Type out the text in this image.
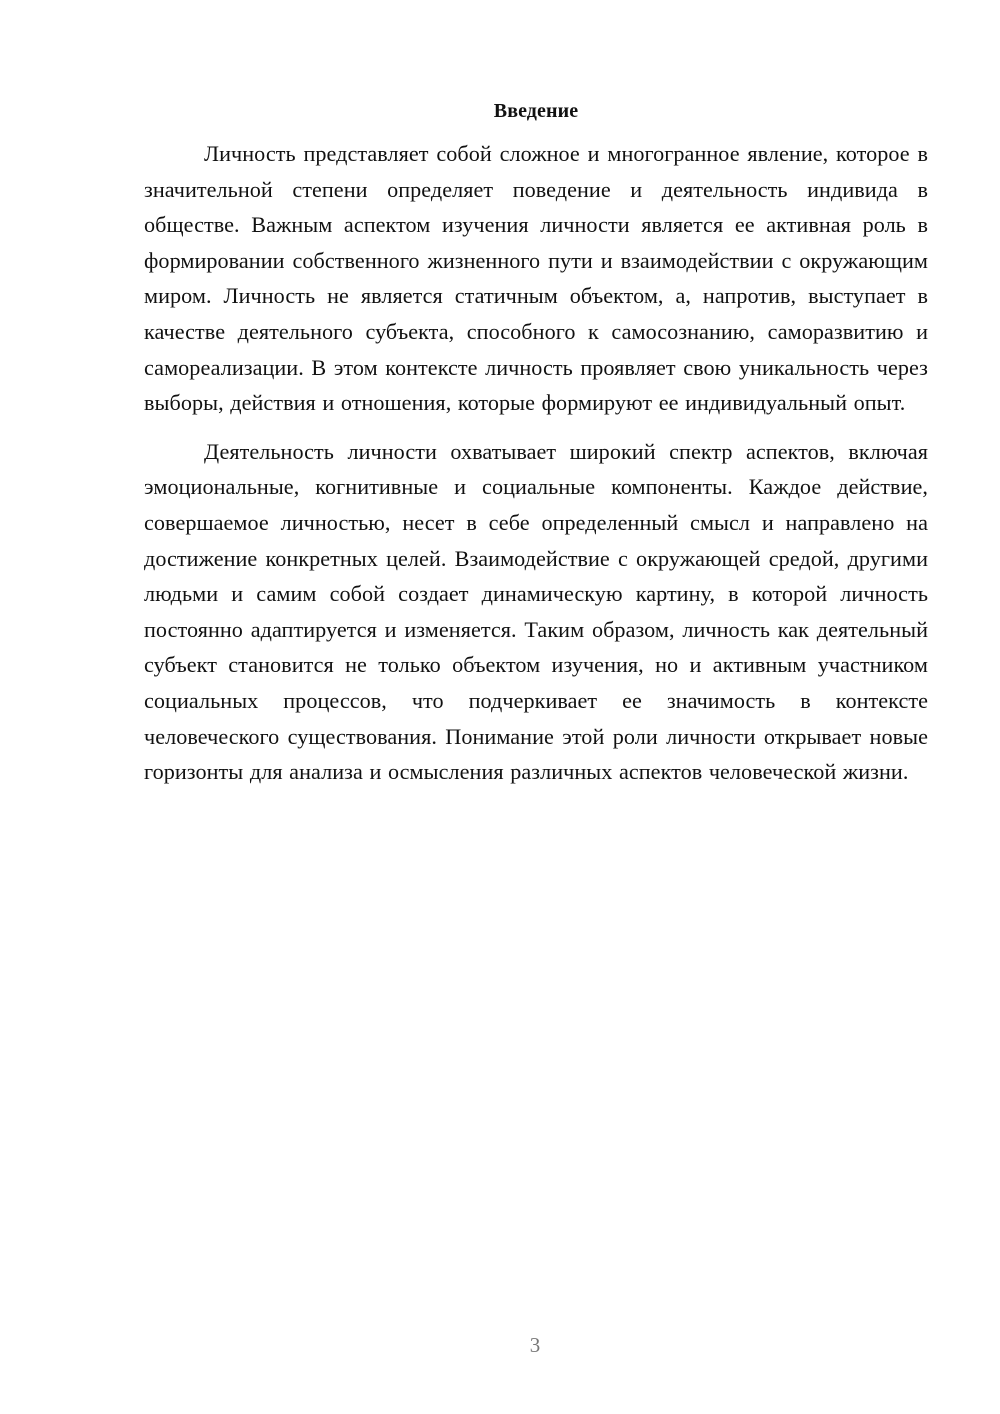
Введение

Личность представляет собой сложное и многогранное явление, которое в значительной степени определяет поведение и деятельность индивида в обществе. Важным аспектом изучения личности является ее активная роль в формировании собственного жизненного пути и взаимодействии с окружающим миром. Личность не является статичным объектом, а, напротив, выступает в качестве деятельного субъекта, способного к самосознанию, саморазвитию и самореализации. В этом контексте личность проявляет свою уникальность через выборы, действия и отношения, которые формируют ее индивидуальный опыт.

Деятельность личности охватывает широкий спектр аспектов, включая эмоциональные, когнитивные и социальные компоненты. Каждое действие, совершаемое личностью, несет в себе определенный смысл и направлено на достижение конкретных целей. Взаимодействие с окружающей средой, другими людьми и самим собой создает динамическую картину, в которой личность постоянно адаптируется и изменяется. Таким образом, личность как деятельный субъект становится не только объектом изучения, но и активным участником социальных процессов, что подчеркивает ее значимость в контексте человеческого существования. Понимание этой роли личности открывает новые горизонты для анализа и осмысления различных аспектов человеческой жизни.

3
